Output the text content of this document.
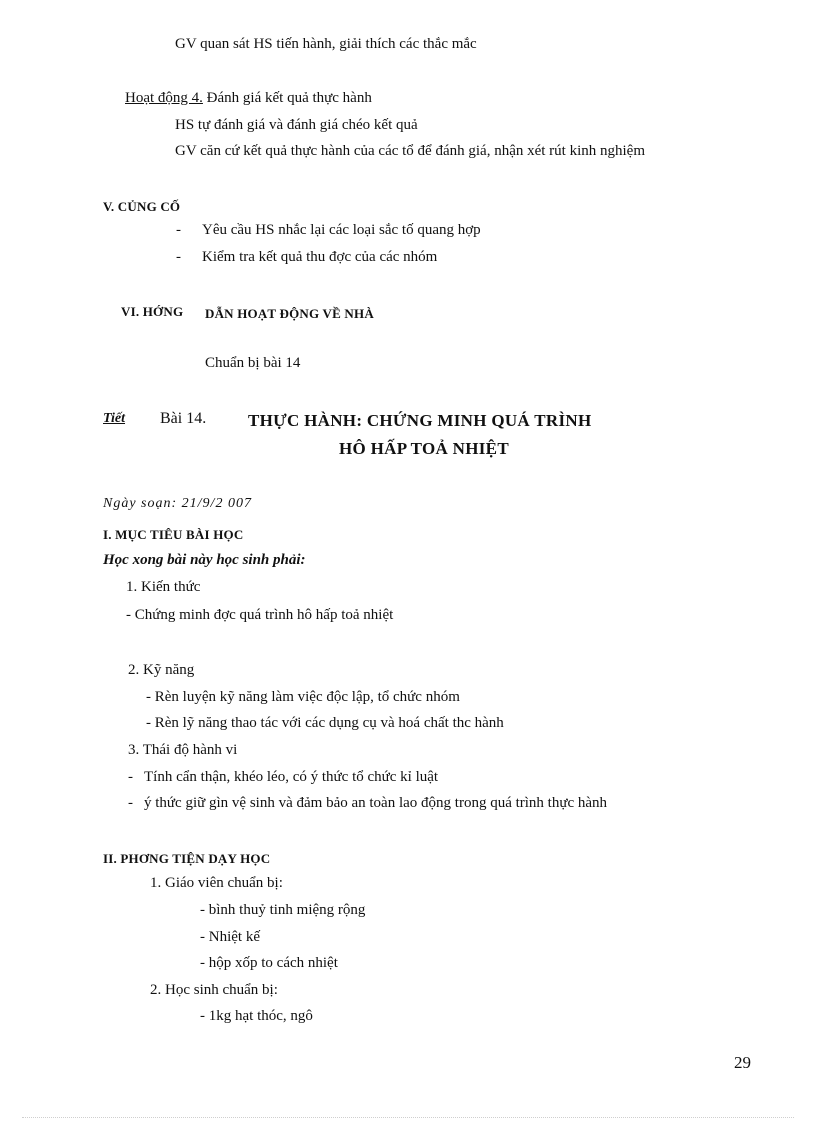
GV quan sát HS tiến hành, giải thích các thắc mắc
Hoạt động 4. Đánh giá kết quả thực hành
HS tự đánh giá và đánh giá chéo kết quả
GV căn cứ kết quả thực hành của các tổ để đánh giá, nhận xét rút kinh nghiệm
V. CỦNG CỐ
- Yêu cầu HS nhắc lại các loại sắc tố quang hợp
- Kiểm tra kết quả thu đợc của các nhóm
VI. HỚNG DẪN HOẠT ĐỘNG VỀ NHÀ
Chuẩn bị bài 14
Tiết Bài 14. THỰC HÀNH: CHỨNG MINH QUÁ TRÌNH
HÔ HẤP TOẢ NHIỆT
Ngày soạn: 21/9/2 007
I. MỤC TIÊU BÀI HỌC
Học xong bài này học sinh phải:
1. Kiến thức
- Chứng minh đợc quá trình hô hấp toả nhiệt
2. Kỹ năng
- Rèn luyện kỹ năng làm việc độc lập, tổ chức nhóm
- Rèn lỹ năng thao tác với các dụng cụ và hoá chất thc hành
3. Thái độ hành vi
- Tính cẩn thận, khéo léo, có ý thức tổ chức kỉ luật
- ý thức giữ gìn vệ sinh và đảm bảo an toàn lao động trong quá trình thực hành
II. PHƠNG TIỆN DẠY HỌC
1. Giáo viên chuẩn bị:
- bình thuỷ tinh miệng rộng
- Nhiệt kế
- hộp xốp to cách nhiệt
2. Học sinh chuẩn bị:
- 1kg hạt thóc, ngô
29
